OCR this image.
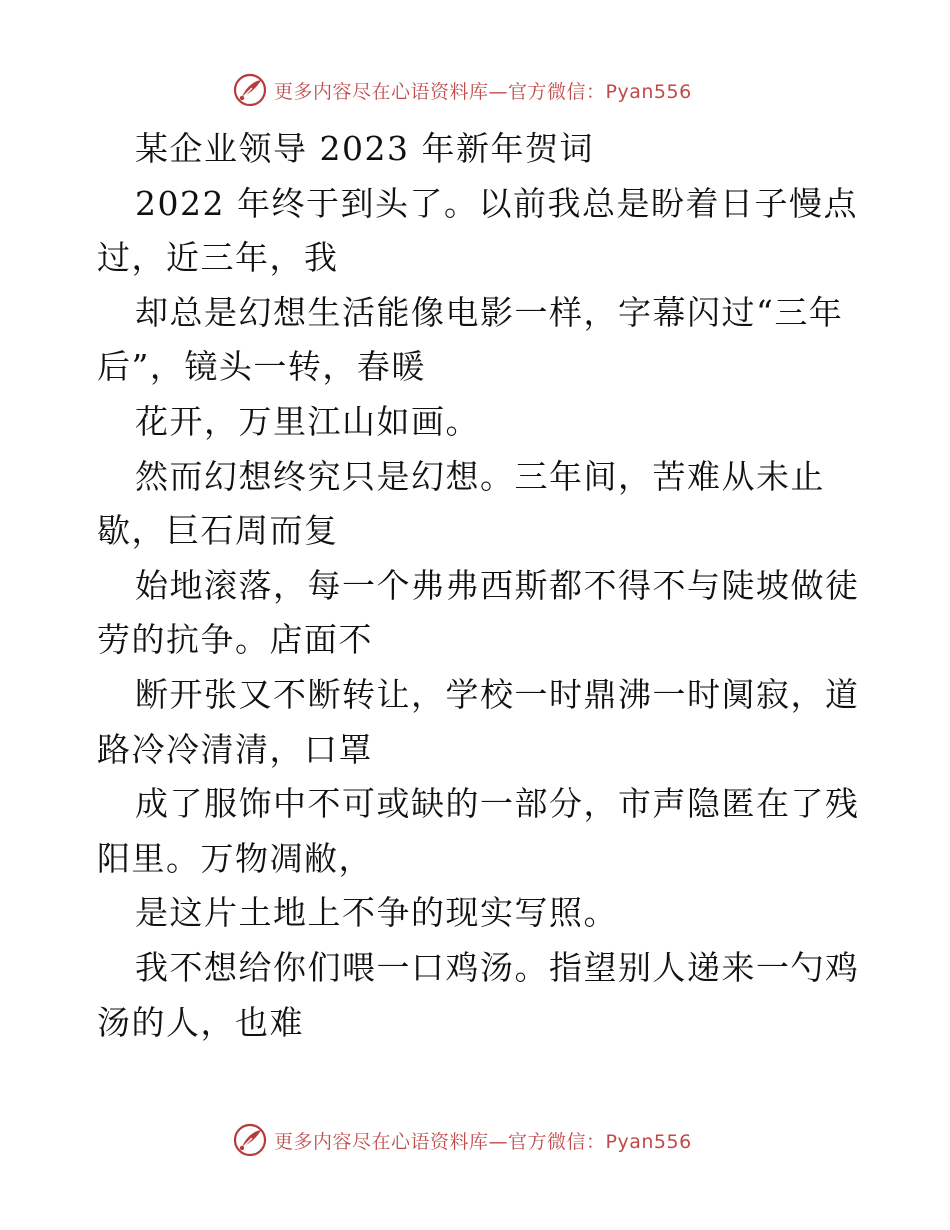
更多内容尽在心语资料库—官方微信：Pyan556
某企业领导 2023 年新年贺词
2022 年终于到头了。以前我总是盼着日子慢点
过，近三年，我
却总是幻想生活能像电影一样，字幕闪过“三年
后”，镜头一转，春暖
花开，万里江山如画。
然而幻想终究只是幻想。三年间，苦难从未止
歇，巨石周而复
始地滚落，每一个弗弗西斯都不得不与陡坡做徒
劳的抗争。店面不
断开张又不断转让，学校一时鼎沸一时阒寂，道
路冷冷清清，口罩
成了服饰中不可或缺的一部分，市声隐匿在了残
阳里。万物凋敝，
是这片土地上不争的现实写照。
我不想给你们喂一口鸡汤。指望别人递来一勺鸡
汤的人，也难
更多内容尽在心语资料库—官方微信：Pyan556
